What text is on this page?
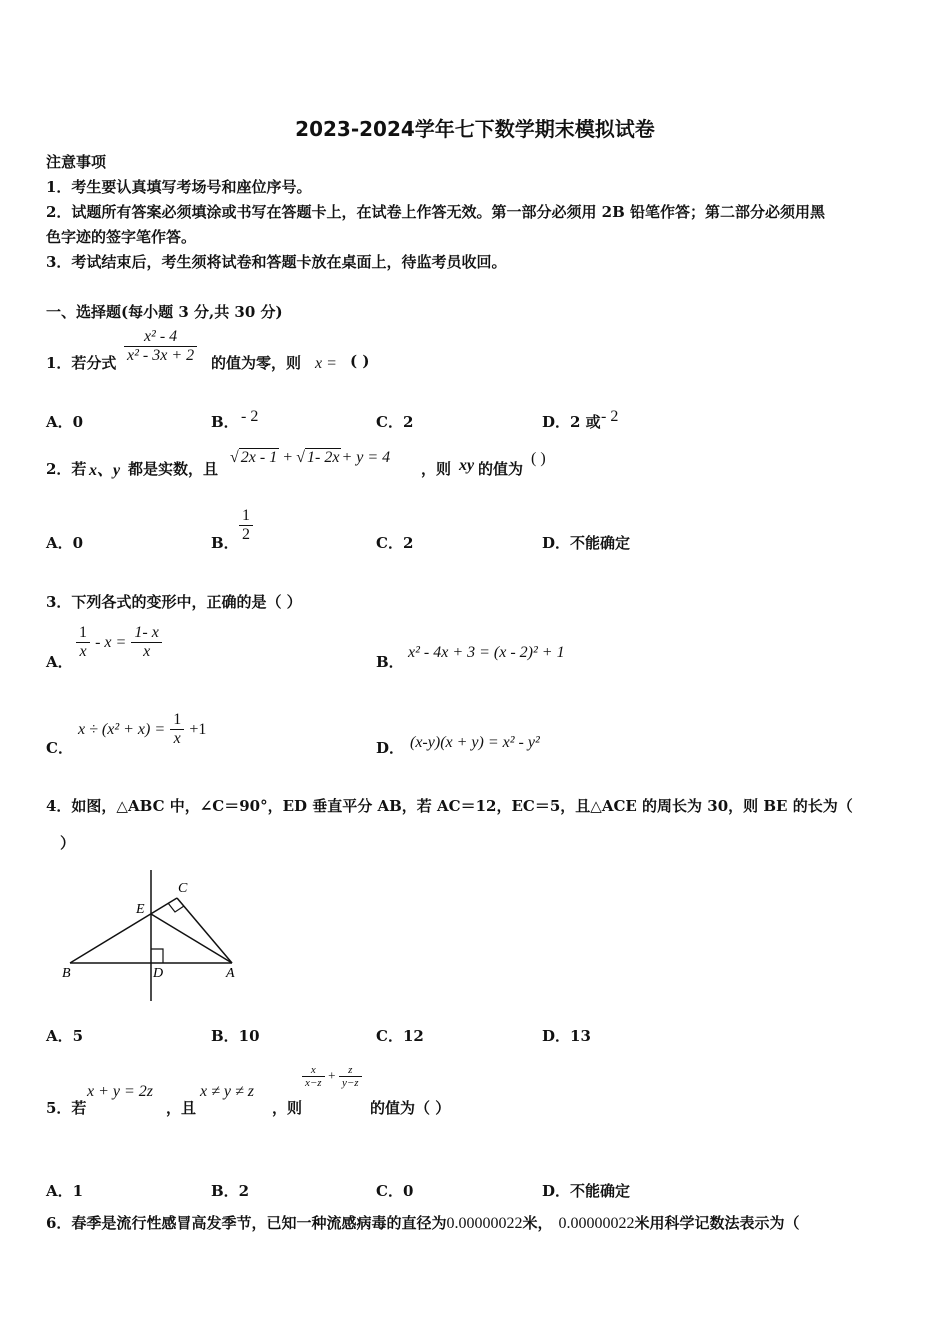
2023-2024学年七下数学期末模拟试卷
注意事项
1．考生要认真填写考场号和座位序号。
2．试题所有答案必须填涂或书写在答题卡上，在试卷上作答无效。第一部分必须用 2B 铅笔作答；第二部分必须用黑
色字迹的签字笔作答。
3．考试结束后，考生须将试卷和答题卡放在桌面上，待监考员收回。
一、选择题(每小题 3 分,共 30 分)
1．若分式 $\frac{\text{x² - 4}}{\text{x² - 3x + 2}}$ 的值为零，则 x = ( )
A．0	B． - 2	C．2	D．2 或 - 2
2．若 x、y 都是实数，且
√ 2x - 1 + √ 1- 2x + y = 4
，则 xy 的值为
( )
A．0	B． $\frac{1}{2}$	C．2	D．不能确定
3．下列各式的变形中，正确的是（ ）
A．
$\frac{1}{x} - x = \frac{1- x}{x}$
B．
x² - 4x + 3 = (x - 2)² + 1
C．
$x \div (x^2 + x) = \frac{1}{x} +1$
D． (x-y)(x + y) = x² - y²
4．如图，△ABC 中，∠C＝90°，ED 垂直平分 AB，若 AC＝12，EC＝5，且△ACE 的周长为 30，则 BE 的长为（
）
B	D	A
E
C
A．5	B．10	C．12	D．13
5．若
x + y = 2z
，且
x ≠ y ≠ z
，则
$\frac{x}{x-z} + \frac{z}{y-z}$
的值为（ ）
A．1	B．2	C．0	D．不能确定
6．春季是流行性感冒高发季节，已知一种流感病毒的直径为0.00000022米， 0.00000022米用科学记数法表示为（
